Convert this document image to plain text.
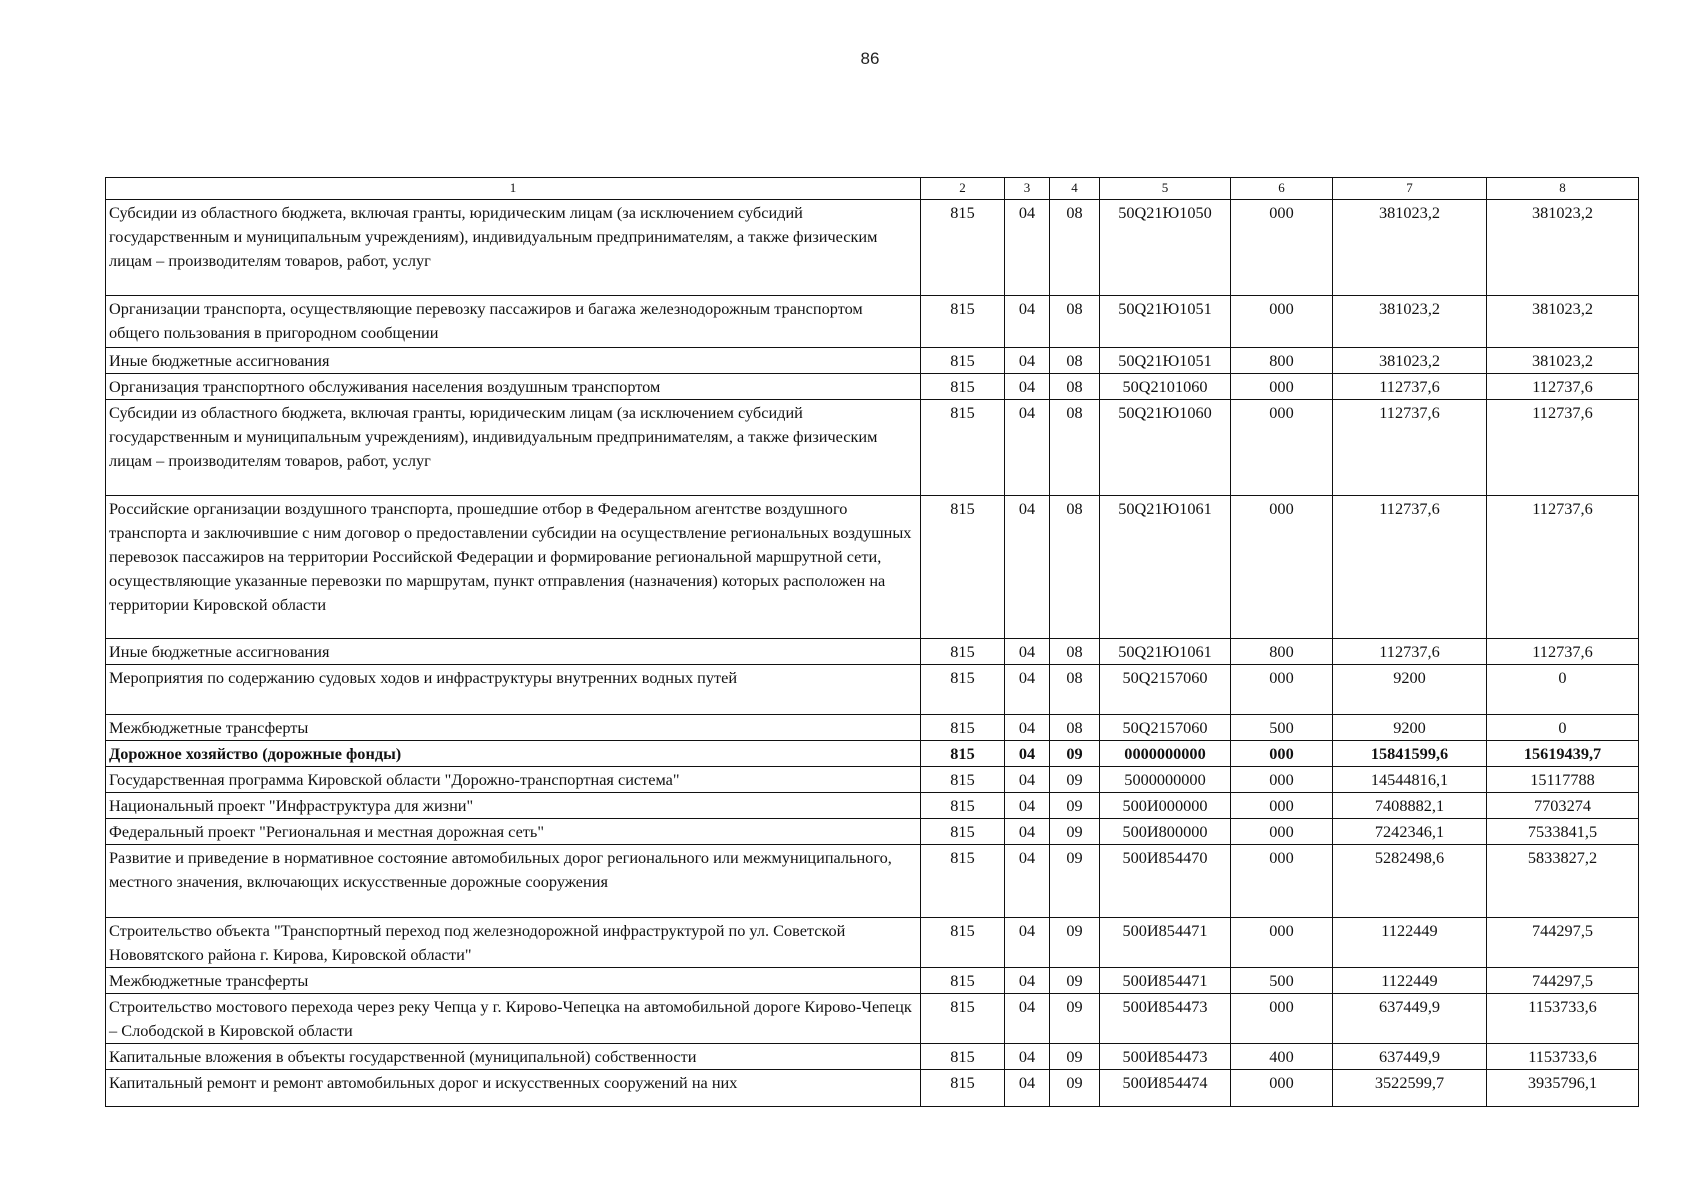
86
1	2	3	4	5	6	7	8
Субсидии из областного бюджета, включая гранты, юридическим лицам (за исключением субсидий государственным и муниципальным учреждениям), индивидуальным предпринимателям, а также физическим лицам – производителям товаров, работ, услуг	815	04	08	50Q21Ю1050	000	381023,2	381023,2
Организации транспорта, осуществляющие перевозку пассажиров и багажа железнодорожным транспортом общего пользования в пригородном сообщении	815	04	08	50Q21Ю1051	000	381023,2	381023,2
Иные бюджетные ассигнования	815	04	08	50Q21Ю1051	800	381023,2	381023,2
Организация транспортного обслуживания населения воздушным транспортом	815	04	08	50Q2101060	000	112737,6	112737,6
Субсидии из областного бюджета, включая гранты, юридическим лицам (за исключением субсидий государственным и муниципальным учреждениям), индивидуальным предпринимателям, а также физическим лицам – производителям товаров, работ, услуг	815	04	08	50Q21Ю1060	000	112737,6	112737,6
Российские организации воздушного транспорта, прошедшие отбор в Федеральном агентстве воздушного транспорта и заключившие с ним договор о предоставлении субсидии на осуществление региональных воздушных перевозок пассажиров на территории Российской Федерации и формирование региональной маршрутной сети, осуществляющие указанные перевозки по маршрутам, пункт отправления (назначения) которых расположен на территории Кировской области	815	04	08	50Q21Ю1061	000	112737,6	112737,6
Иные бюджетные ассигнования	815	04	08	50Q21Ю1061	800	112737,6	112737,6
Мероприятия по содержанию судовых ходов и инфраструктуры внутренних водных путей	815	04	08	50Q2157060	000	9200	0
Межбюджетные трансферты	815	04	08	50Q2157060	500	9200	0
Дорожное хозяйство (дорожные фонды)	815	04	09	0000000000	000	15841599,6	15619439,7
Государственная программа Кировской области "Дорожно-транспортная система"	815	04	09	5000000000	000	14544816,1	15117788
Национальный проект "Инфраструктура для жизни"	815	04	09	500И000000	000	7408882,1	7703274
Федеральный проект "Региональная и местная дорожная сеть"	815	04	09	500И800000	000	7242346,1	7533841,5
Развитие и приведение в нормативное состояние автомобильных дорог регионального или межмуниципального, местного значения, включающих искусственные дорожные сооружения	815	04	09	500И854470	000	5282498,6	5833827,2
Строительство объекта "Транспортный переход под железнодорожной инфраструктурой по ул. Советской Нововятского района г. Кирова, Кировской области"	815	04	09	500И854471	000	1122449	744297,5
Межбюджетные трансферты	815	04	09	500И854471	500	1122449	744297,5
Строительство мостового перехода через реку Чепца у г. Кирово-Чепецка на автомобильной дороге Кирово-Чепецк – Слободской в Кировской области	815	04	09	500И854473	000	637449,9	1153733,6
Капитальные вложения в объекты государственной (муниципальной) собственности	815	04	09	500И854473	400	637449,9	1153733,6
Капитальный ремонт и ремонт автомобильных дорог и искусственных сооружений на них	815	04	09	500И854474	000	3522599,7	3935796,1
